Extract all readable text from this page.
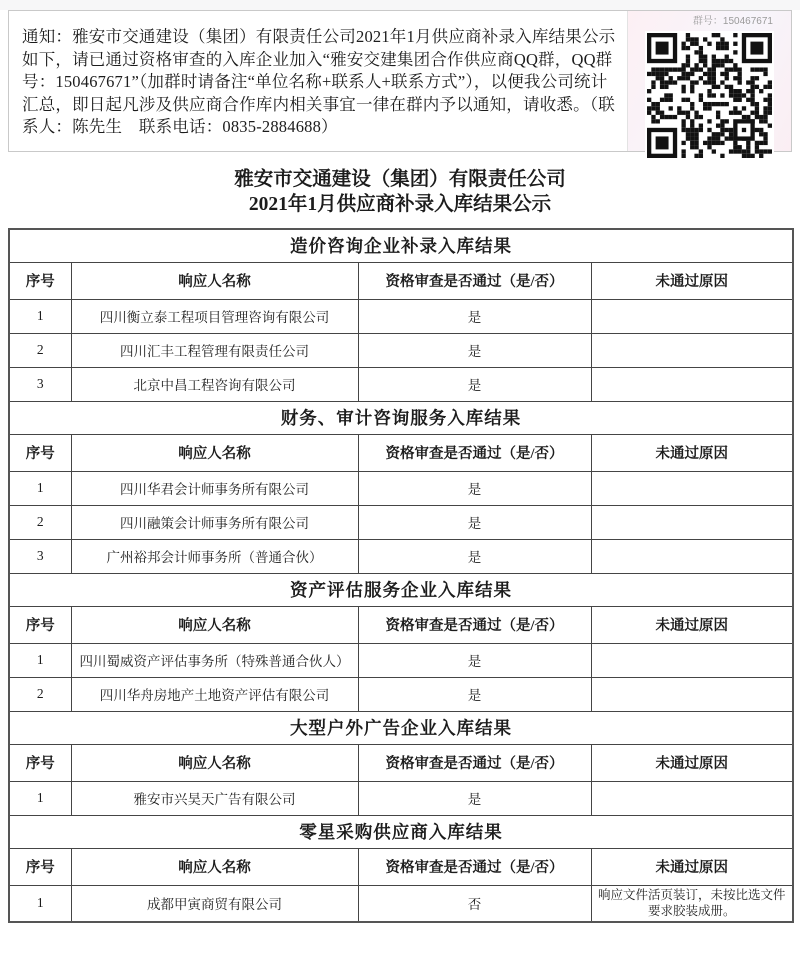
通知：雅安市交通建设（集团）有限责任公司2021年1月供应商补录入库结果公示如下，请已通过资格审查的入库企业加入“雅安交建集团合作供应商QQ群，QQ群号：150467671”（加群时请备注“单位名称+联系人+联系方式”），以便我公司统计汇总，即日起凡涉及供应商合作库内相关事宜一律在群内予以通知，请收悉。（联系人：陈先生　联系电话：0835-2884688）

群号：150467671
雅安市交通建设（集团）有限责任公司
2021年1月供应商补录入库结果公示
造价咨询企业补录入库结果			
序号	响应人名称	资格审查是否通过（是/否）	未通过原因
1	四川衡立泰工程项目管理咨询有限公司	是	
2	四川汇丰工程管理有限责任公司	是	
3	北京中昌工程咨询有限公司	是	
财务、审计咨询服务入库结果			
序号	响应人名称	资格审查是否通过（是/否）	未通过原因
1	四川华君会计师事务所有限公司	是	
2	四川融策会计师事务所有限公司	是	
3	广州裕邦会计师事务所（普通合伙）	是	
资产评估服务企业入库结果			
序号	响应人名称	资格审查是否通过（是/否）	未通过原因
1	四川蜀威资产评估事务所（特殊普通合伙人）	是	
2	四川华舟房地产土地资产评估有限公司	是	
大型户外广告企业入库结果			
序号	响应人名称	资格审查是否通过（是/否）	未通过原因
1	雅安市兴昊天广告有限公司	是	
零星采购供应商入库结果			
序号	响应人名称	资格审查是否通过（是/否）	未通过原因
1	成都甲寅商贸有限公司	否	响应文件活页装订，未按比选文件要求胶装成册。
